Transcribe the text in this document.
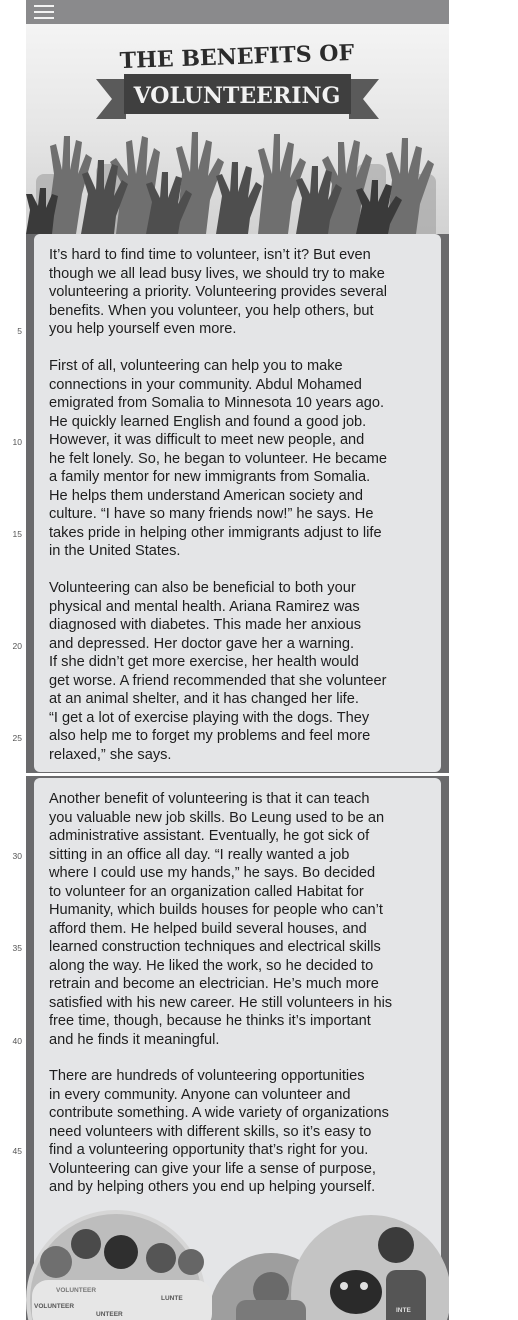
THE BENEFITS OF
VOLUNTEERING

It’s hard to find time to volunteer, isn’t it? But even
though we all lead busy lives, we should try to make
volunteering a priority. Volunteering provides several
benefits. When you volunteer, you help others, but
you help yourself even more.

First of all, volunteering can help you to make
connections in your community. Abdul Mohamed
emigrated from Somalia to Minnesota 10 years ago.
He quickly learned English and found a good job.
However, it was difficult to meet new people, and
he felt lonely. So, he began to volunteer. He became
a family mentor for new immigrants from Somalia.
He helps them understand American society and
culture. “I have so many friends now!” he says. He
takes pride in helping other immigrants adjust to life
in the United States.

Volunteering can also be beneficial to both your
physical and mental health. Ariana Ramirez was
diagnosed with diabetes. This made her anxious
and depressed. Her doctor gave her a warning.
If she didn’t get more exercise, her health would
get worse. A friend recommended that she volunteer
at an animal shelter, and it has changed her life.
“I get a lot of exercise playing with the dogs. They
also help me to forget my problems and feel more
relaxed,” she says.

Another benefit of volunteering is that it can teach
you valuable new job skills. Bo Leung used to be an
administrative assistant. Eventually, he got sick of
sitting in an office all day. “I really wanted a job
where I could use my hands,” he says. Bo decided
to volunteer for an organization called Habitat for
Humanity, which builds houses for people who can’t
afford them. He helped build several houses, and
learned construction techniques and electrical skills
along the way. He liked the work, so he decided to
retrain and become an electrician. He’s much more
satisfied with his new career. He still volunteers in his
free time, though, because he thinks it’s important
and he finds it meaningful.

There are hundreds of volunteering opportunities
in every community. Anyone can volunteer and
contribute something. A wide variety of organizations
need volunteers with different skills, so it’s easy to
find a volunteering opportunity that’s right for you.
Volunteering can give your life a sense of purpose,
and by helping others you end up helping yourself.

5
10
15
20
25
30
35
40
45
VOLUNTEER
UNTEER
LUNTE
INTE
VOLUNTEER
